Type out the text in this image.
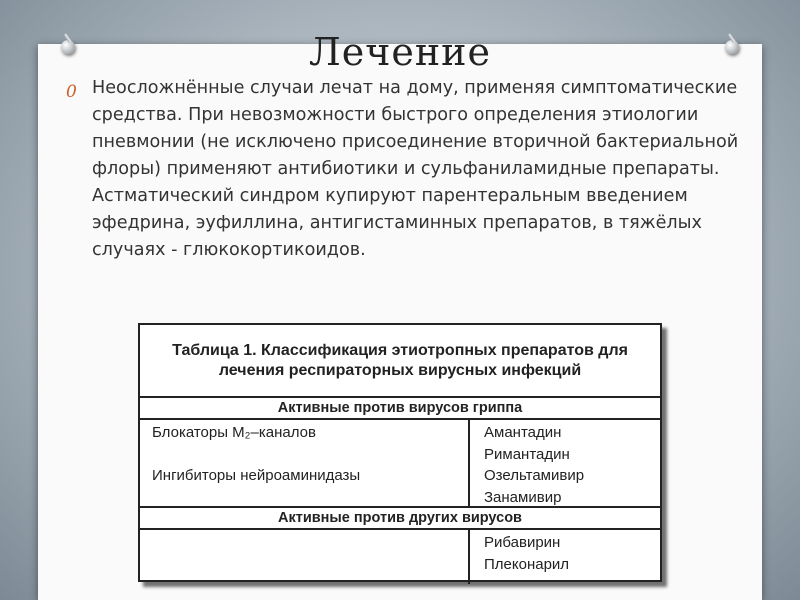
Лечение
0 Неосложнённые случаи лечат на дому, применяя симптоматические средства. При невозможности быстрого определения этиологии пневмонии (не исключено присоединение вторичной бактериальной флоры) применяют антибиотики и сульфаниламидные препараты. Астматический синдром купируют парентеральным введением эфедрина, эуфиллина, антигистаминных препаратов, в тяжёлых случаях - глюкокортикоидов.
Таблица 1. Классификация этиотропных препаратов для лечения респираторных вирусных инфекций
Активные против вирусов гриппа
Блокаторы M₂–каналов
Ингибиторы нейроаминидазы
Амантадин
Римантадин
Озельтамивир
Занамивир
Активные против других вирусов
Рибавирин
Плеконарил
